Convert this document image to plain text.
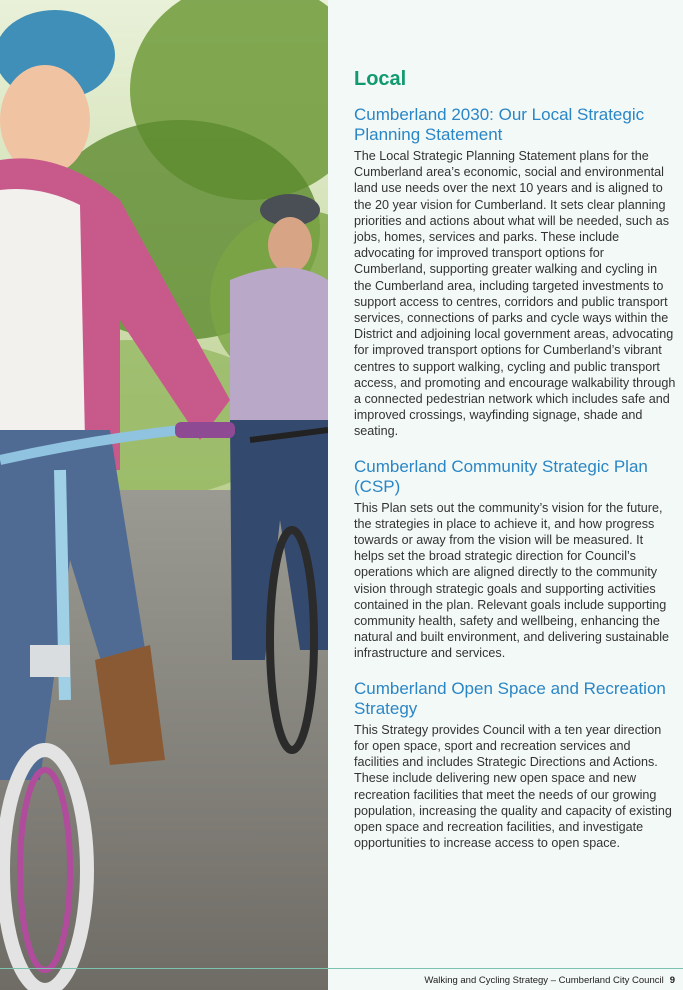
Local
Cumberland 2030: Our Local Strategic Planning Statement

The Local Strategic Planning Statement plans for the Cumberland area’s economic, social and environmental land use needs over the next 10 years and is aligned to the 20 year vision for Cumberland. It sets clear planning priorities and actions about what will be needed, such as jobs, homes, services and parks. These include advocating for improved transport options for Cumberland, supporting greater walking and cycling in the Cumberland area, including targeted investments to support access to centres, corridors and public transport services, connections of parks and cycle ways within the District and adjoining local government areas, advocating for improved transport options for Cumberland’s vibrant centres to support walking, cycling and public transport access, and promoting and encourage walkability through a connected pedestrian network which includes safe and improved crossings, wayfinding signage, shade and seating.

Cumberland Community Strategic Plan (CSP)

This Plan sets out the community’s vision for the future, the strategies in place to achieve it, and how progress towards or away from the vision will be measured. It helps set the broad strategic direction for Council’s operations which are aligned directly to the community vision through strategic goals and supporting activities contained in the plan. Relevant goals include supporting community health, safety and wellbeing, enhancing the natural and built environment, and delivering sustainable infrastructure and services.

Cumberland Open Space and Recreation Strategy

This Strategy provides Council with a ten year direction for open space, sport and recreation services and facilities and includes Strategic Directions and Actions. These include delivering new open space and new recreation facilities that meet the needs of our growing population, increasing the quality and capacity of existing open space and recreation facilities, and investigate opportunities to increase access to open space.

Walking and Cycling Strategy – Cumberland City Council 9
